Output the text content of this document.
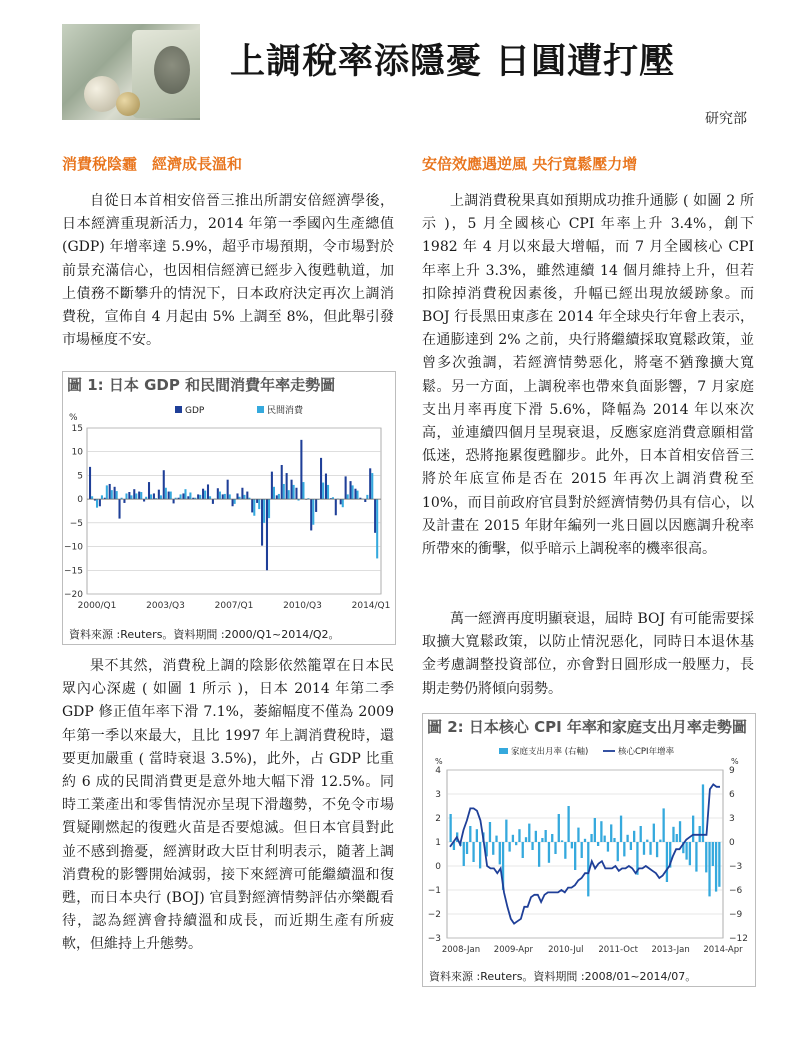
上調稅率添隱憂 日圓遭打壓
研究部
消費稅陰霾　經濟成長溫和

自從日本首相安倍晉三推出所謂安倍經濟學後，日本經濟重現新活力，2014 年第一季國內生產總值 (GDP) 年增率達 5.9%，超乎市場預期，令市場對於前景充滿信心，也因相信經濟已經步入復甦軌道，加上債務不斷攀升的情況下，日本政府決定再次上調消費稅，宣佈自 4 月起由 5% 上調至 8%，但此舉引發市場極度不安。

圖 1: 日本 GDP 和民間消費年率走勢圖
%
15
10
5
0
−5
−10
−15
−20
2000/Q1	2003/Q3	2007/Q1	2010/Q3	2014/Q1
GDP	民間消費
資料來源 :Reuters。資料期間 :2000/Q1~2014/Q2。

果不其然，消費稅上調的陰影依然籠罩在日本民眾內心深處 ( 如圖 1 所示 )，日本 2014 年第二季 GDP 修正值年率下滑 7.1%，萎縮幅度不僅為 2009 年第一季以來最大，且比 1997 年上調消費稅時，還要更加嚴重 ( 當時衰退 3.5%)，此外，占 GDP 比重約 6 成的民間消費更是意外地大幅下滑 12.5%。同時工業產出和零售情況亦呈現下滑趨勢，不免令市場質疑剛燃起的復甦火苗是否要熄滅。但日本官員對此並不感到擔憂，經濟財政大臣甘利明表示，隨著上調消費稅的影響開始減弱，接下來經濟可能繼續溫和復甦，而日本央行 (BOJ) 官員對經濟情勢評估亦樂觀看待，認為經濟會持續溫和成長，而近期生產有所疲軟，但維持上升態勢。

安倍效應遇逆風 央行寬鬆壓力增

上調消費稅果真如預期成功推升通膨 ( 如圖 2 所示 )，5 月全國核心 CPI 年率上升 3.4%，創下 1982 年 4 月以來最大增幅，而 7 月全國核心 CPI 年率上升 3.3%，雖然連續 14 個月維持上升，但若扣除掉消費稅因素後，升幅已經出現放緩跡象。而 BOJ 行長黑田東彥在 2014 年全球央行年會上表示，在通膨達到 2% 之前，央行將繼續採取寬鬆政策，並曾多次強調，若經濟情勢惡化，將毫不猶豫擴大寬鬆。另一方面，上調稅率也帶來負面影響，7 月家庭支出月率再度下滑 5.6%，降幅為 2014 年以來次高，並連續四個月呈現衰退，反應家庭消費意願相當低迷，恐將拖累復甦腳步。此外，日本首相安倍晉三將於年底宣佈是否在 2015 年再次上調消費稅至 10%，而目前政府官員對於經濟情勢仍具有信心，以及計畫在 2015 年財年編列一兆日圓以因應調升稅率所帶來的衝擊，似乎暗示上調稅率的機率很高。

萬一經濟再度明顯衰退，屆時 BOJ 有可能需要採取擴大寬鬆政策，以防止情況惡化，同時日本退休基金考慮調整投資部位，亦會對日圓形成一般壓力，長期走勢仍將傾向弱勢。

圖 2: 日本核心 CPI 年率和家庭支出月率走勢圖
%	%
4
3
2
1
0
−1
−2
−3
9
6
3
0
−3
−6
−9
−12
2008-Jan 2009-Apr 2010-Jul 2011-Oct 2013-Jan 2014-Apr
家庭支出月率 (右軸)	核心CPI年增率
資料來源 :Reuters。資料期間 :2008/01~2014/07。
